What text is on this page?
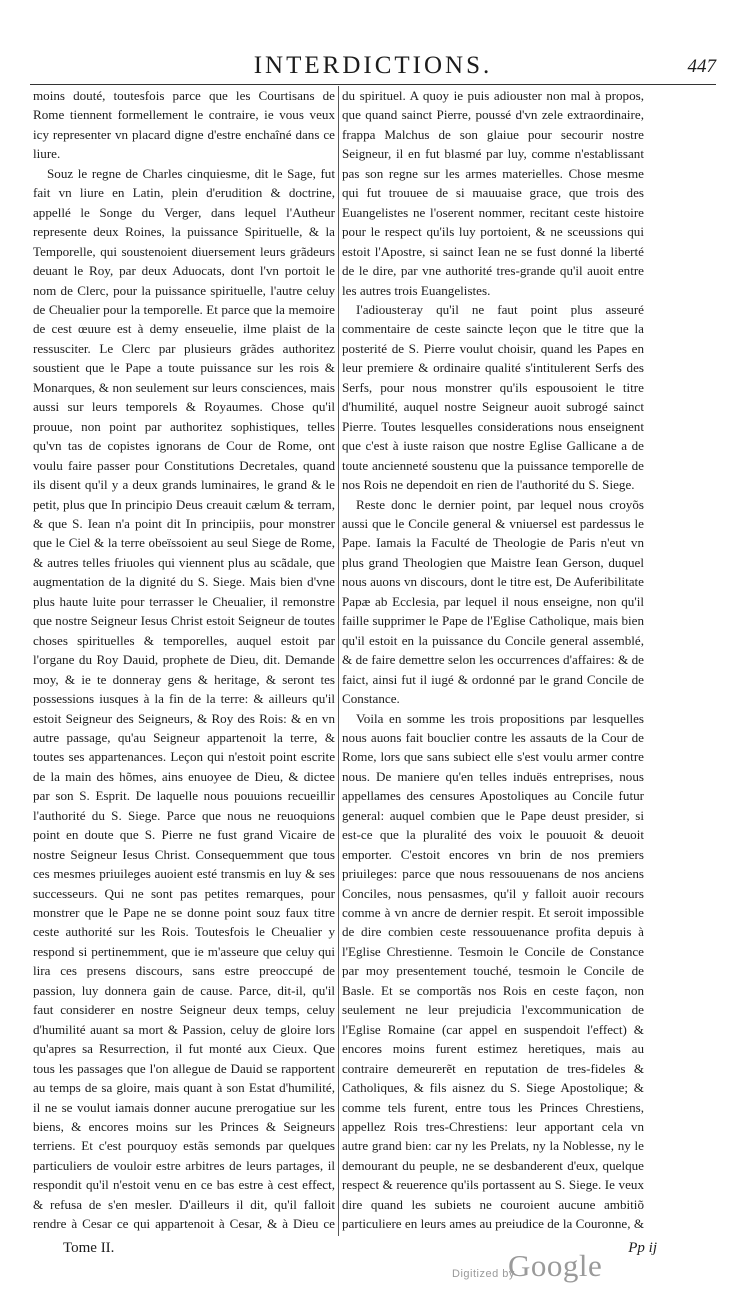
INTERDICTIONS.	447

moins douté, toutesfois parce que les Courtisans de Rome tiennent formellement le contraire, ie vous veux icy representer vn placard digne d'estre enchaîné dans ce liure.

Souz le regne de Charles cinquiesme, dit le Sage, fut fait vn liure en Latin, plein d'erudition & doctrine, appellé le Songe du Verger, dans lequel l'Autheur represente deux Roines, la puissance Spirituelle, & la Temporelle, qui soustenoient diuersement leurs grãdeurs deuant le Roy, par deux Aduocats, dont l'vn portoit le nom de Clerc, pour la puissance spirituelle, l'autre celuy de Cheualier pour la temporelle. Et parce que la memoire de cest œuure est à demy enseuelie, ilme plaist de la ressusciter. Le Clerc par plusieurs grãdes authoritez soustient que le Pape a toute puissance sur les rois & Monarques, & non seulement sur leurs consciences, mais aussi sur leurs temporels & Royaumes. Chose qu'il prouue, non point par authoritez sophistiques, telles qu'vn tas de copistes ignorans de Cour de Rome, ont voulu faire passer pour Constitutions Decretales, quand ils disent qu'il y a deux grands luminaires, le grand & le petit, plus que In principio Deus creauit cælum & terram, & que S. Iean n'a point dit In principiis, pour monstrer que le Ciel & la terre obeïssoient au seul Siege de Rome, & autres telles friuoles qui viennent plus au scãdale, que augmentation de la dignité du S. Siege. Mais bien d'vne plus haute luite pour terrasser le Cheualier, il remonstre que nostre Seigneur Iesus Christ estoit Seigneur de toutes choses spirituelles & temporelles, auquel estoit par l'organe du Roy Dauid, prophete de Dieu, dit. Demande moy, & ie te donneray gens & heritage, & seront tes possessions iusques à la fin de la terre: & ailleurs qu'il estoit Seigneur des Seigneurs, & Roy des Rois: & en vn autre passage, qu'au Seigneur appartenoit la terre, & toutes ses appartenances. Leçon qui n'estoit point escrite de la main des hõmes, ains enuoyee de Dieu, & dictee par son S. Esprit. De laquelle nous pouuions recueillir l'authorité du S. Siege. Parce que nous ne reuoquions point en doute que S. Pierre ne fust grand Vicaire de nostre Seigneur Iesus Christ. Consequemment que tous ces mesmes priuileges auoient esté transmis en luy & ses successeurs. Qui ne sont pas petites remarques, pour monstrer que le Pape ne se donne point souz faux titre ceste authorité sur les Rois. Toutesfois le Cheualier y respond si pertinemment, que ie m'asseure que celuy qui lira ces presens discours, sans estre preoccupé de passion, luy donnera gain de cause. Parce, dit-il, qu'il faut considerer en nostre Seigneur deux temps, celuy d'humilité auant sa mort & Passion, celuy de gloire lors qu'apres sa Resurrection, il fut monté aux Cieux. Que tous les passages que l'on allegue de Dauid se rapportent au temps de sa gloire, mais quant à son Estat d'humilité, il ne se voulut iamais donner aucune prerogatiue sur les biens, & encores moins sur les Princes & Seigneurs terriens. Et c'est pourquoy estãs semonds par quelques particuliers de vouloir estre arbitres de leurs partages, il respondit qu'il n'estoit venu en ce bas estre à cest effect, & refusa de s'en mesler. D'ailleurs il dit, qu'il falloit rendre à Cesar ce qui appartenoit à Cesar, & à Dieu ce

du spirituel. A quoy ie puis adiouster non mal à propos, que quand sainct Pierre, poussé d'vn zele extraordinaire, frappa Malchus de son glaiue pour secourir nostre Seigneur, il en fut blasmé par luy, comme n'establissant pas son regne sur les armes materielles. Chose mesme qui fut trouuee de si mauuaise grace, que trois des Euangelistes ne l'oserent nommer, recitant ceste histoire pour le respect qu'ils luy portoient, & ne sceussions qui estoit l'Apostre, si sainct Iean ne se fust donné la liberté de le dire, par vne authorité tres-grande qu'il auoit entre les autres trois Euangelistes.

I'adiousteray qu'il ne faut point plus asseuré commentaire de ceste saincte leçon que le titre que la posterité de S. Pierre voulut choisir, quand les Papes en leur premiere & ordinaire qualité s'intitulerent Serfs des Serfs, pour nous monstrer qu'ils espousoient le titre d'humilité, auquel nostre Seigneur auoit subrogé sainct Pierre. Toutes lesquelles considerations nous enseignent que c'est à iuste raison que nostre Eglise Gallicane a de toute ancienneté soustenu que la puissance temporelle de nos Rois ne dependoit en rien de l'authorité du S. Siege.

Reste donc le dernier point, par lequel nous croyõs aussi que le Concile general & vniuersel est pardessus le Pape. Iamais la Faculté de Theologie de Paris n'eut vn plus grand Theologien que Maistre Iean Gerson, duquel nous auons vn discours, dont le titre est, De Auferibilitate Papæ ab Ecclesia, par lequel il nous enseigne, non qu'il faille supprimer le Pape de l'Eglise Catholique, mais bien qu'il estoit en la puissance du Concile general assemblé, & de faire demettre selon les occurrences d'affaires: & de faict, ainsi fut il iugé & ordonné par le grand Concile de Constance.

Voila en somme les trois propositions par lesquelles nous auons fait bouclier contre les assauts de la Cour de Rome, lors que sans subiect elle s'est voulu armer contre nous. De maniere qu'en telles induës entreprises, nous appellames des censures Apostoliques au Concile futur general: auquel combien que le Pape deust presider, si est-ce que la pluralité des voix le pouuoit & deuoit emporter. C'estoit encores vn brin de nos premiers priuileges: parce que nous ressouuenans de nos anciens Conciles, nous pensasmes, qu'il y falloit auoir recours comme à vn ancre de dernier respit. Et seroit impossible de dire combien ceste ressouuenance profita depuis à l'Eglise Chrestienne. Tesmoin le Concile de Constance par moy presentement touché, tesmoin le Concile de Basle. Et se comportãs nos Rois en ceste façon, non seulement ne leur prejudicia l'excommunication de l'Eglise Romaine (car appel en suspendoit l'effect) & encores moins furent estimez heretiques, mais au contraire demeurerẽt en reputation de tres-fideles & Catholiques, & fils aisnez du S. Siege Apostolique; & comme tels furent, entre tous les Princes Chrestiens, appellez Rois tres-Chrestiens: leur apportant cela vn autre grand bien: car ny les Prelats, ny la Noblesse, ny le demourant du peuple, ne se desbanderent d'eux, quelque respect & reuerence qu'ils portassent au S. Siege. Ie veux dire quand les subiets ne couroient aucune ambitiõ particuliere en leurs ames au preiudice de la Couronne, &

Tome II.	Pp ij
Digitized by
Google
